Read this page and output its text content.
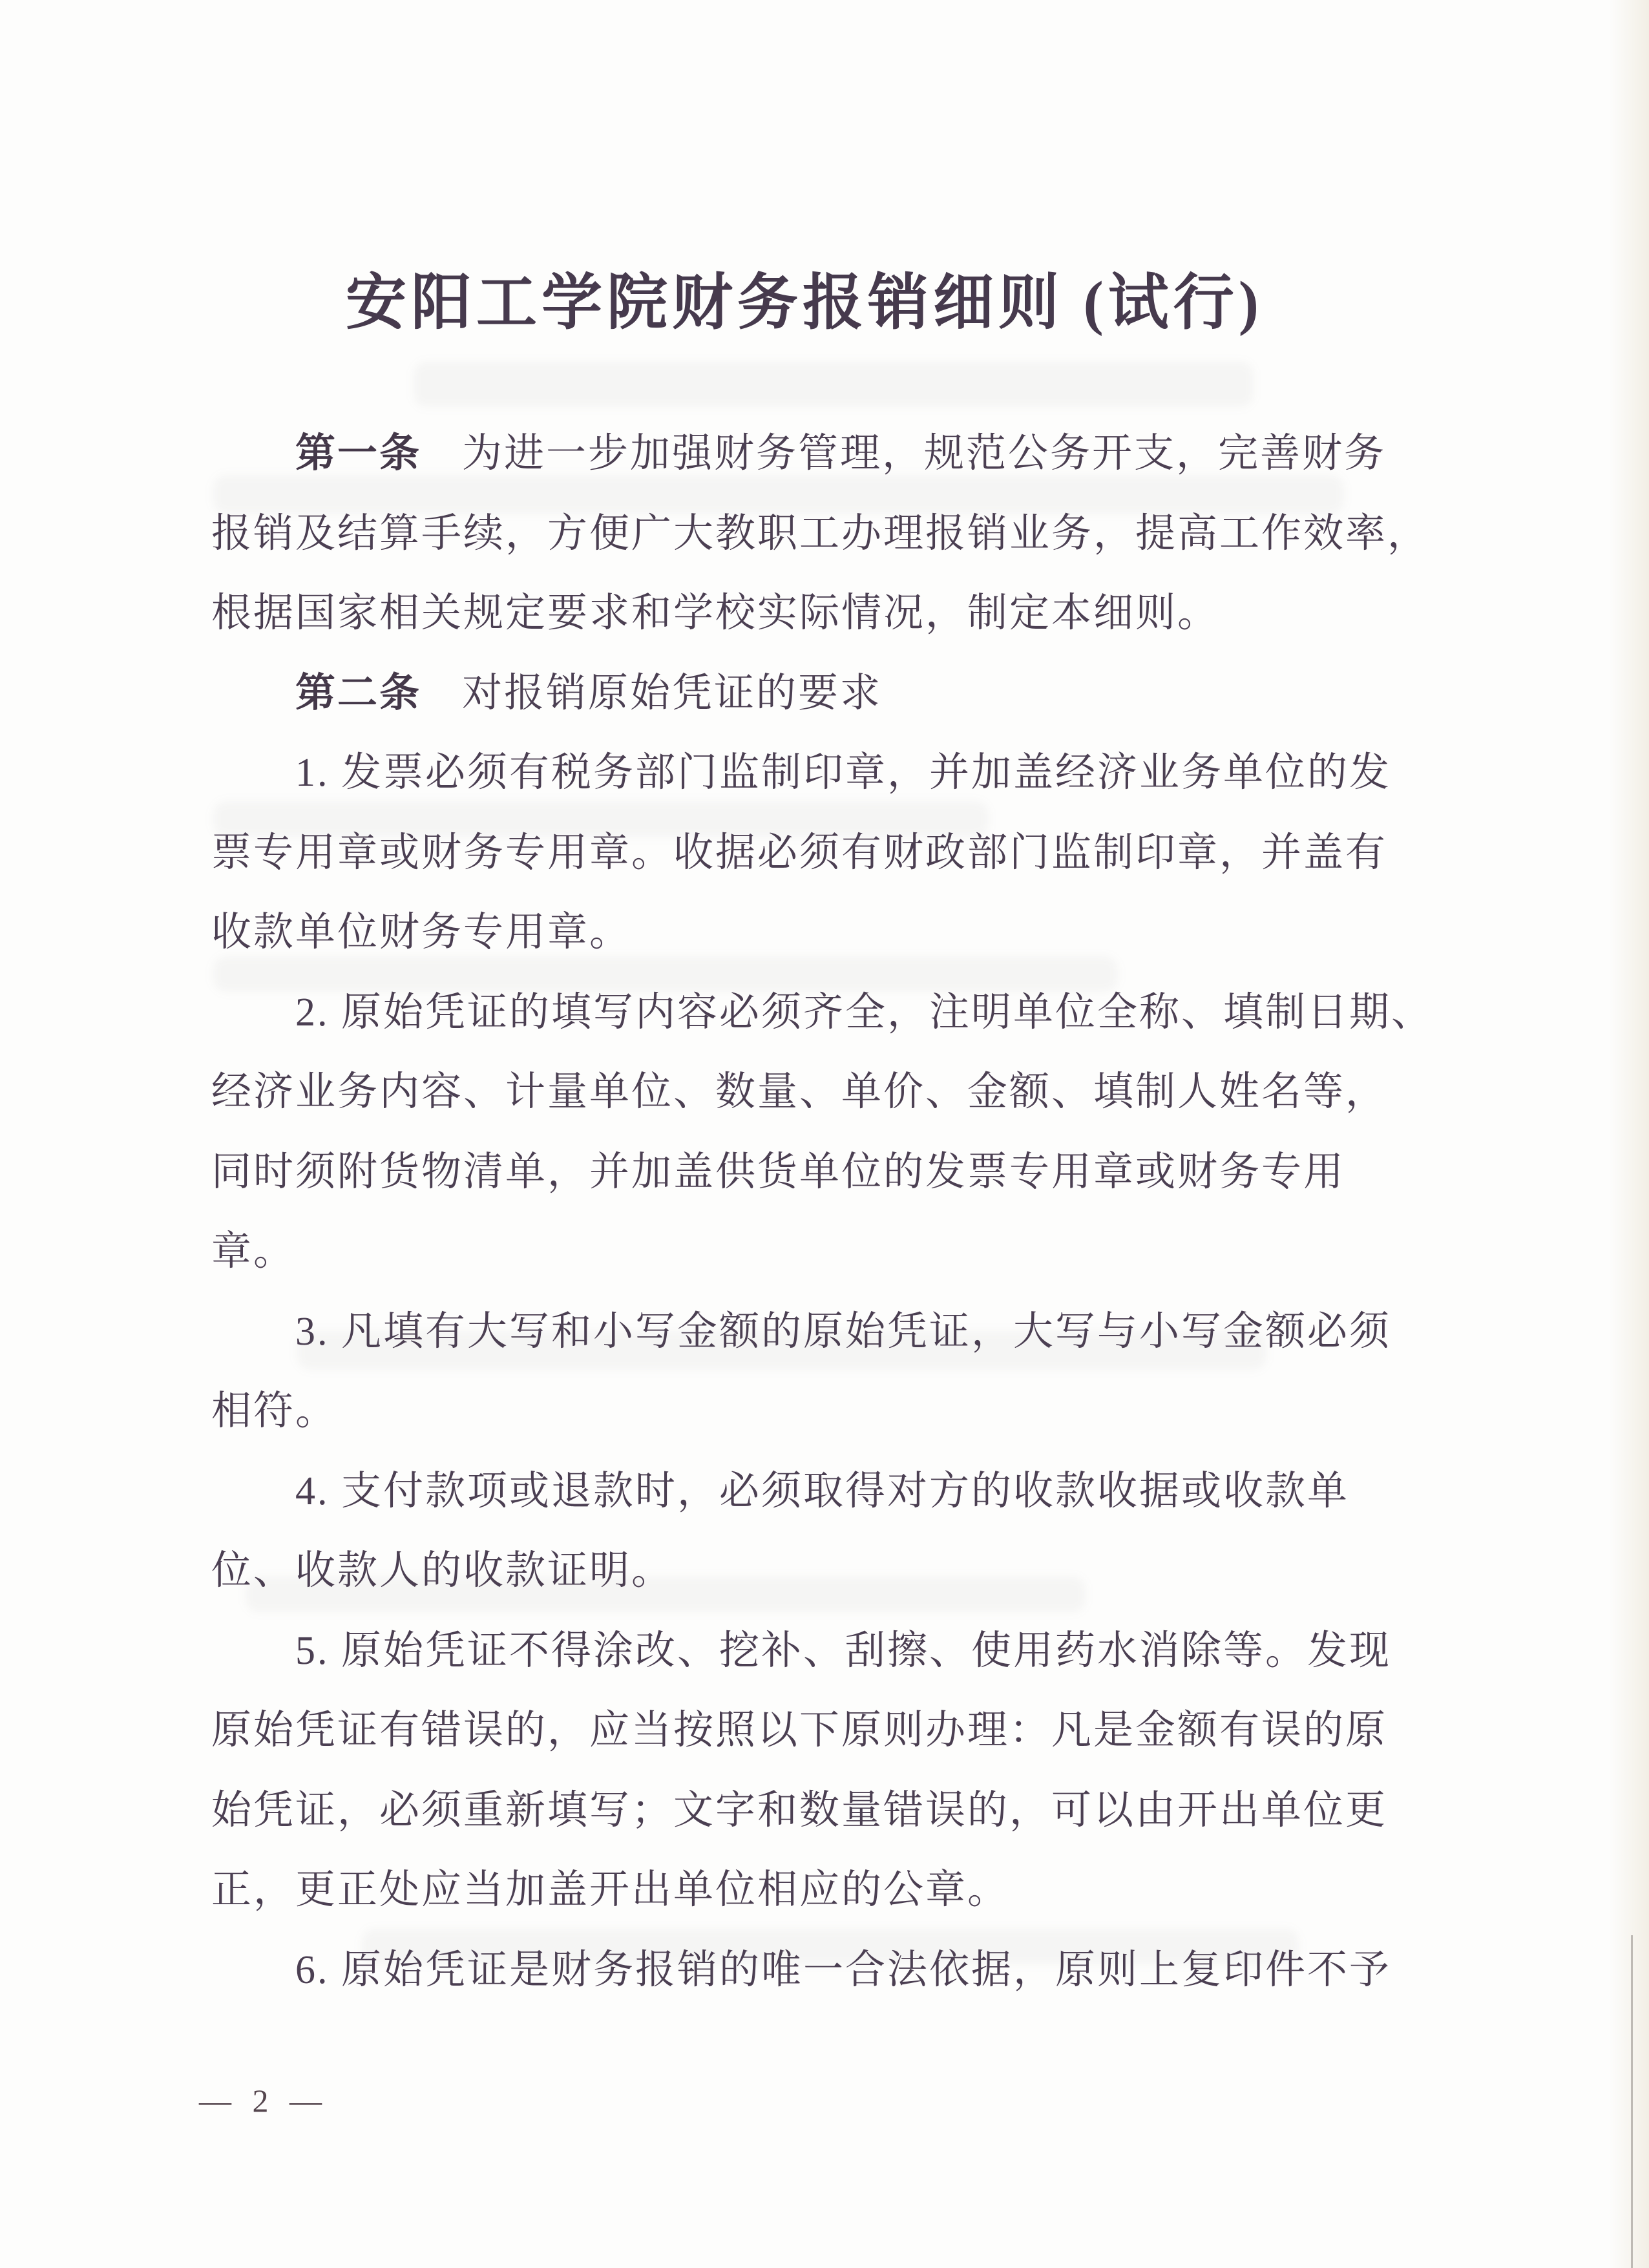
安阳工学院财务报销细则 (试行)
第一条 为进一步加强财务管理，规范公务开支，完善财务
报销及结算手续，方便广大教职工办理报销业务，提高工作效率，
根据国家相关规定要求和学校实际情况，制定本细则。
第二条 对报销原始凭证的要求
1. 发票必须有税务部门监制印章，并加盖经济业务单位的发
票专用章或财务专用章。收据必须有财政部门监制印章，并盖有
收款单位财务专用章。
2. 原始凭证的填写内容必须齐全，注明单位全称、填制日期、
经济业务内容、计量单位、数量、单价、金额、填制人姓名等，
同时须附货物清单，并加盖供货单位的发票专用章或财务专用
章。
3. 凡填有大写和小写金额的原始凭证，大写与小写金额必须
相符。
4. 支付款项或退款时，必须取得对方的收款收据或收款单
位、收款人的收款证明。
5. 原始凭证不得涂改、挖补、刮擦、使用药水消除等。发现
原始凭证有错误的，应当按照以下原则办理：凡是金额有误的原
始凭证，必须重新填写；文字和数量错误的，可以由开出单位更
正，更正处应当加盖开出单位相应的公章。
6. 原始凭证是财务报销的唯一合法依据，原则上复印件不予
— 2 —
